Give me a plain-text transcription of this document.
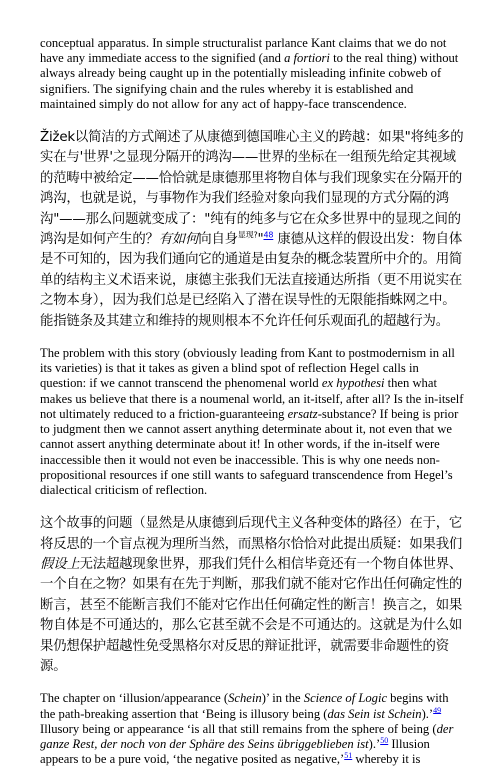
conceptual apparatus. In simple structuralist parlance Kant claims that we do not have any immediate access to the signified (and a fortiori to the real thing) without always already being caught up in the potentially misleading infinite cobweb of signifiers. The signifying chain and the rules whereby it is established and maintained simply do not allow for any act of happy-face transcendence.

Žižek以简洁的方式阐述了从康德到德国唯心主义的跨越：如果"将纯多的实在与'世界'之显现分隔开的鸿沟——世界的坐标在一组预先给定其视域的范畴中被给定——恰恰就是康德那里将物自体与我们现象实在分隔开的鸿沟，也就是说，与事物作为我们经验对象向我们显现的方式分隔的鸿沟"——那么问题就变成了："纯有的纯多与它在众多世界中的显现之间的鸿沟是如何产生的？有如何向自身$^{显现?}$"$^{48}$ 康德从这样的假设出发：物自体是不可知的，因为我们通向它的通道是由复杂的概念装置所中介的。用简单的结构主义术语来说，康德主张我们无法直接通达所指（更不用说实在之物本身），因为我们总是已经陷入了潜在误导性的无限能指蛛网之中。能指链条及其建立和维持的规则根本不允许任何乐观面孔的超越行为。

The problem with this story (obviously leading from Kant to postmodernism in all its varieties) is that it takes as given a blind spot of reflection Hegel calls in question: if we cannot transcend the phenomenal world ex hypothesi then what makes us believe that there is a noumenal world, an it-itself, after all? Is the in-itself not ultimately reduced to a friction-guaranteeing ersatz-substance? If being is prior to judgment then we cannot assert anything determinate about it, not even that we cannot assert anything determinate about it! In other words, if the in-itself were inaccessible then it would not even be inaccessible. This is why one needs non-propositional resources if one still wants to safeguard transcendence from Hegel’s dialectical criticism of reflection.

这个故事的问题（显然是从康德到后现代主义各种变体的路径）在于，它将反思的一个盲点视为理所当然，而黑格尔恰恰对此提出质疑：如果我们假设上无法超越现象世界，那我们凭什么相信毕竟还有一个物自体世界、一个自在之物？如果有在先于判断，那我们就不能对它作出任何确定性的断言，甚至不能断言我们不能对它作出任何确定性的断言！换言之，如果物自体是不可通达的，那么它甚至就不会是不可通达的。这就是为什么如果仍想保护超越性免受黑格尔对反思的辩证批评，就需要非命题性的资源。

The chapter on ‘illusion/appearance (Schein)’ in the Science of Logic begins with the path-breaking assertion that ‘Being is illusory being (das Sein ist Schein).’$^{49}$ Illusory being or appearance ‘is all that still remains from the sphere of being (der ganze Rest, der noch von der Sphäre des Seins übriggeblieben ist).’$^{50}$ Illusion appears to be a pure void, ‘the negative posited as negative,’$^{51}$ whereby it is
